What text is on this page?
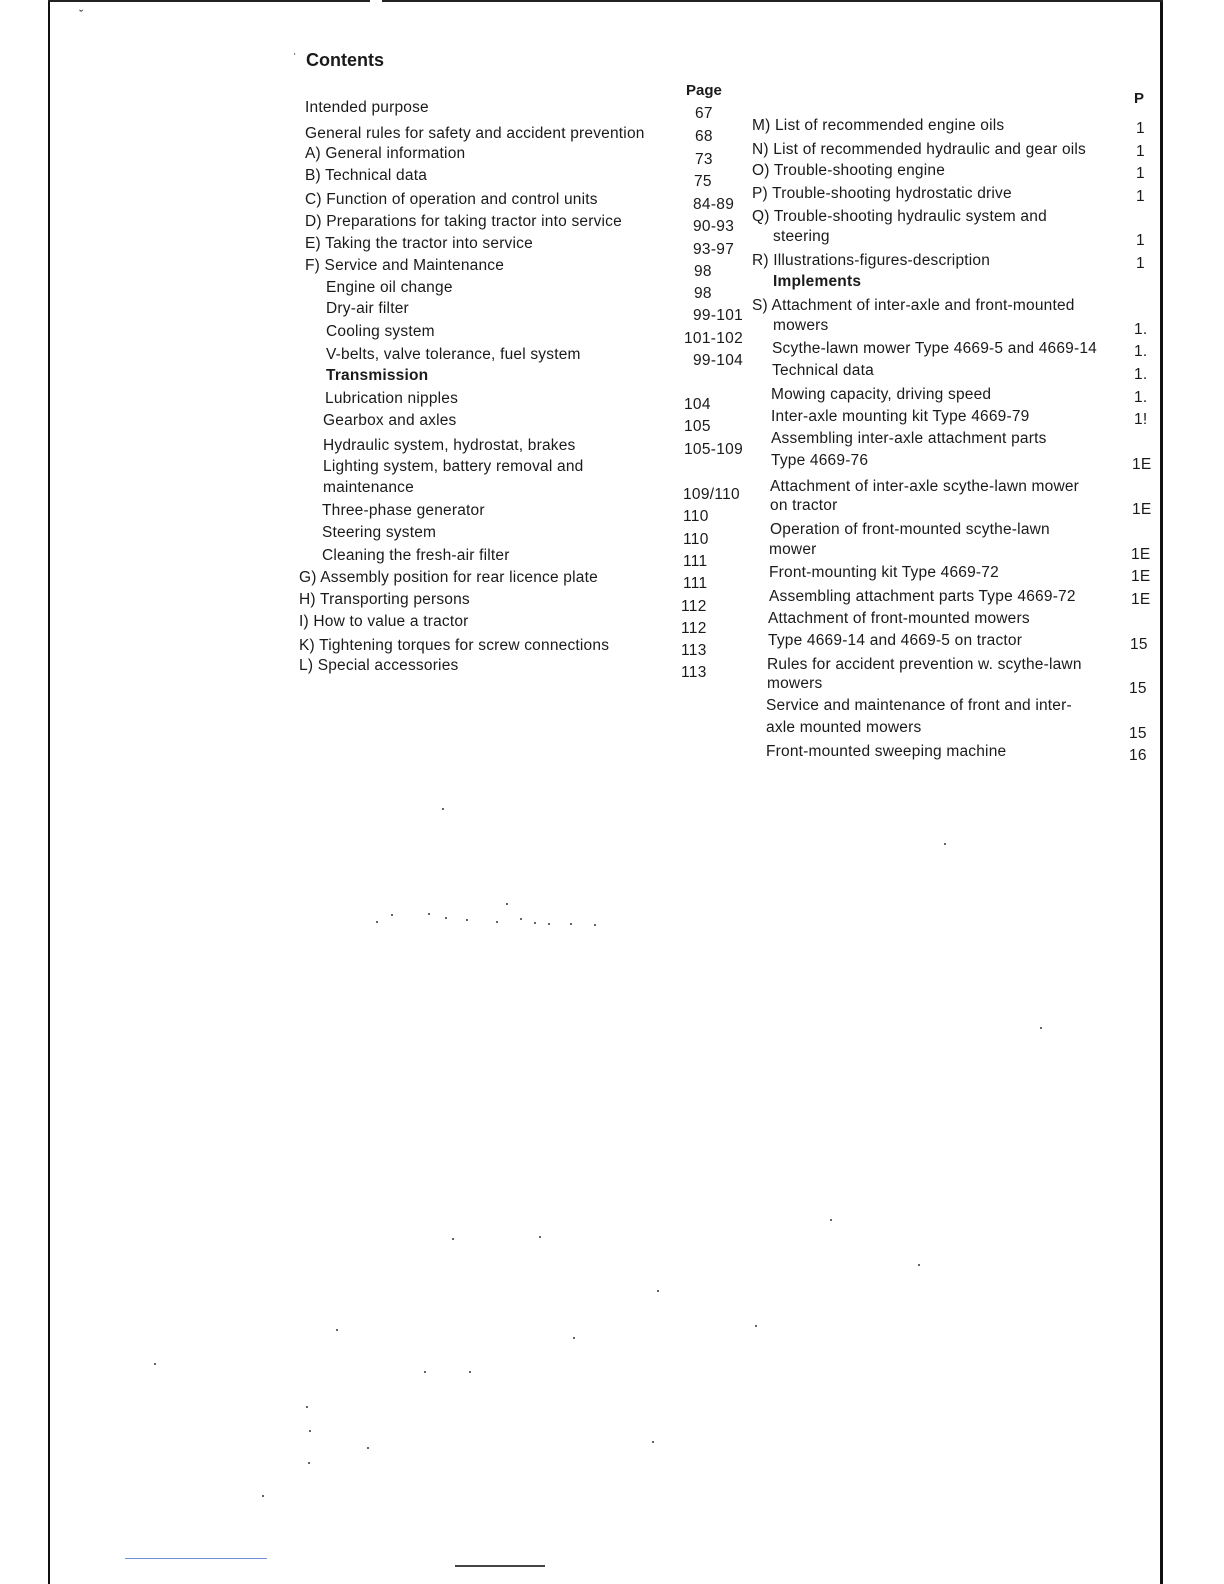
ˇ
˙ Contents
Page	P
Intended purpose
General rules for safety and accident prevention
A) General information
B) Technical data
C) Function of operation and control units
D) Preparations for taking tractor into service
E) Taking the tractor into service
F) Service and Maintenance
Engine oil change
Dry-air filter
Cooling system
V-belts, valve tolerance, fuel system
Transmission
Lubrication nipples
Gearbox and axles
Hydraulic system, hydrostat, brakes
Lighting system, battery removal and
maintenance
Three-phase generator
Steering system
Cleaning the fresh-air filter
G) Assembly position for rear licence plate
H) Transporting persons
I) How to value a tractor
K) Tightening torques for screw connections
L) Special accessories
67
68
73
75
84-89
90-93
93-97
98
98
99-101
101-102
99-104
104
105
105-109
109/110
110
110
111
111
112
112
113
113
M) List of recommended engine oils
N) List of recommended hydraulic and gear oils
O) Trouble-shooting engine
P) Trouble-shooting hydrostatic drive
Q) Trouble-shooting hydraulic system and
steering
R) Illustrations-figures-description
Implements
S) Attachment of inter-axle and front-mounted
mowers
Scythe-lawn mower Type 4669-5 and 4669-14
Technical data
Mowing capacity, driving speed
Inter-axle mounting kit Type 4669-79
Assembling inter-axle attachment parts
Type 4669-76
Attachment of inter-axle scythe-lawn mower
on tractor
Operation of front-mounted scythe-lawn
mower
Front-mounting kit Type 4669-72
Assembling attachment parts Type 4669-72
Attachment of front-mounted mowers
Type 4669-14 and 4669-5 on tractor
Rules for accident prevention w. scythe-lawn
mowers
Service and maintenance of front and inter-
axle mounted mowers
Front-mounted sweeping machine
1
1
1
1
1
1
1.
1.
1.
1.
1!
1E
1E
1E
1E
1E
15
15
15
16
